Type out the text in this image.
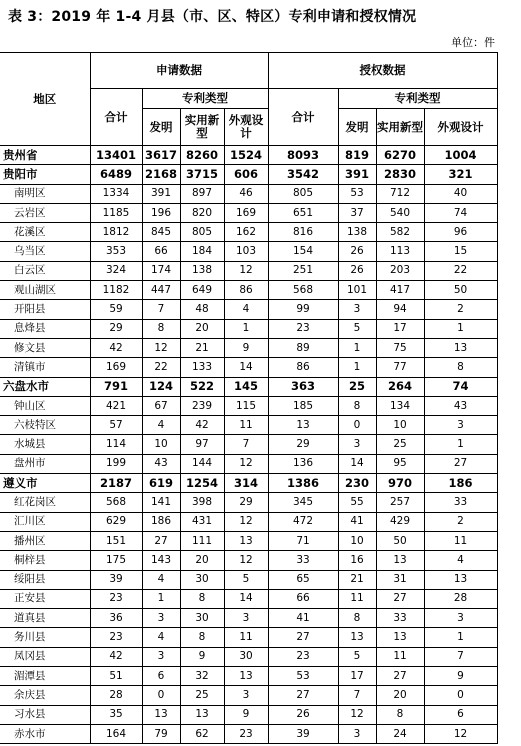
表 3：2019 年 1-4 月县（市、区、特区）专利申请和授权情况
单位：件
地区	申请数据				授权数据			
	合计	专利类型			合计	专利类型		
		发明	实用新型	外观设计		发明	实用新型	外观设计
贵州省	13401	3617	8260	1524	8093	819	6270	1004
贵阳市	6489	2168	3715	606	3542	391	2830	321
南明区	1334	391	897	46	805	53	712	40
云岩区	1185	196	820	169	651	37	540	74
花溪区	1812	845	805	162	816	138	582	96
乌当区	353	66	184	103	154	26	113	15
白云区	324	174	138	12	251	26	203	22
观山湖区	1182	447	649	86	568	101	417	50
开阳县	59	7	48	4	99	3	94	2
息烽县	29	8	20	1	23	5	17	1
修文县	42	12	21	9	89	1	75	13
清镇市	169	22	133	14	86	1	77	8
六盘水市	791	124	522	145	363	25	264	74
钟山区	421	67	239	115	185	8	134	43
六枝特区	57	4	42	11	13	0	10	3
水城县	114	10	97	7	29	3	25	1
盘州市	199	43	144	12	136	14	95	27
遵义市	2187	619	1254	314	1386	230	970	186
红花岗区	568	141	398	29	345	55	257	33
汇川区	629	186	431	12	472	41	429	2
播州区	151	27	111	13	71	10	50	11
桐梓县	175	143	20	12	33	16	13	4
绥阳县	39	4	30	5	65	21	31	13
正安县	23	1	8	14	66	11	27	28
道真县	36	3	30	3	41	8	33	3
务川县	23	4	8	11	27	13	13	1
凤冈县	42	3	9	30	23	5	11	7
湄潭县	51	6	32	13	53	17	27	9
余庆县	28	0	25	3	27	7	20	0
习水县	35	13	13	9	26	12	8	6
赤水市	164	79	62	23	39	3	24	12
